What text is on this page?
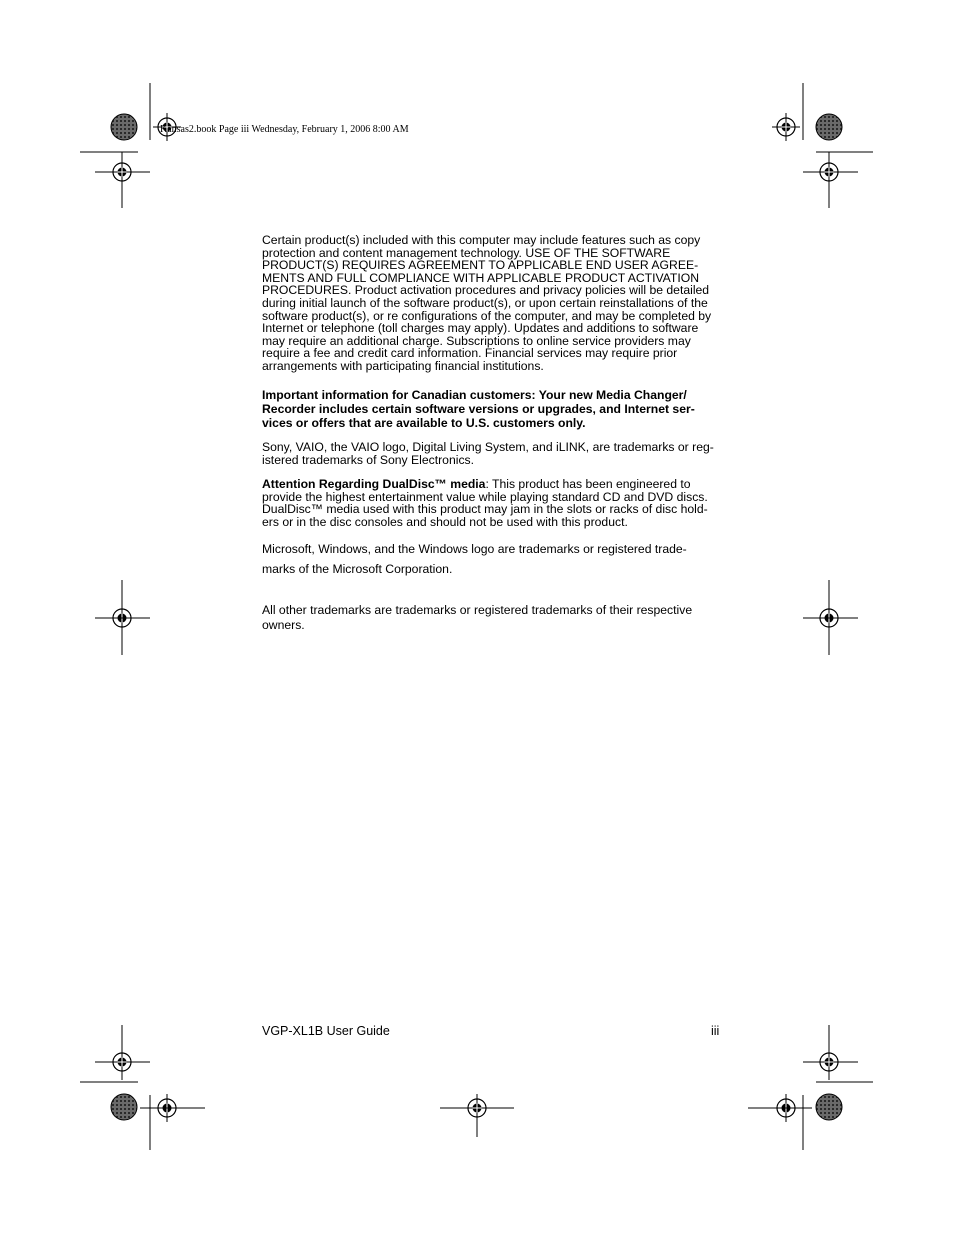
Kansas2.book Page iii Wednesday, February 1, 2006 8:00 AM

Certain product(s) included with this computer may include features such as copy protection and content management technology. USE OF THE SOFTWARE PRODUCT(S) REQUIRES AGREEMENT TO APPLICABLE END USER AGREE-MENTS AND FULL COMPLIANCE WITH APPLICABLE PRODUCT ACTIVATION PROCEDURES. Product activation procedures and privacy policies will be detailed during initial launch of the software product(s), or upon certain reinstallations of the software product(s), or re configurations of the computer, and may be completed by Internet or telephone (toll charges may apply). Updates and additions to software may require an additional charge. Subscriptions to online service providers may require a fee and credit card information. Financial services may require prior arrangements with participating financial institutions.

Important information for Canadian customers: Your new Media Changer/ Recorder includes certain software versions or upgrades, and Internet ser-vices or offers that are available to U.S. customers only.

Sony, VAIO, the VAIO logo, Digital Living System, and iLINK, are trademarks or reg-istered trademarks of Sony Electronics.

Attention Regarding DualDisc™ media: This product has been engineered to provide the highest entertainment value while playing standard CD and DVD discs. DualDisc™ media used with this product may jam in the slots or racks of disc hold-ers or in the disc consoles and should not be used with this product.

Microsoft, Windows, and the Windows logo are trademarks or registered trade-

marks of the Microsoft Corporation.

All other trademarks are trademarks or registered trademarks of their respective owners.

VGP-XL1B User Guide	iii
